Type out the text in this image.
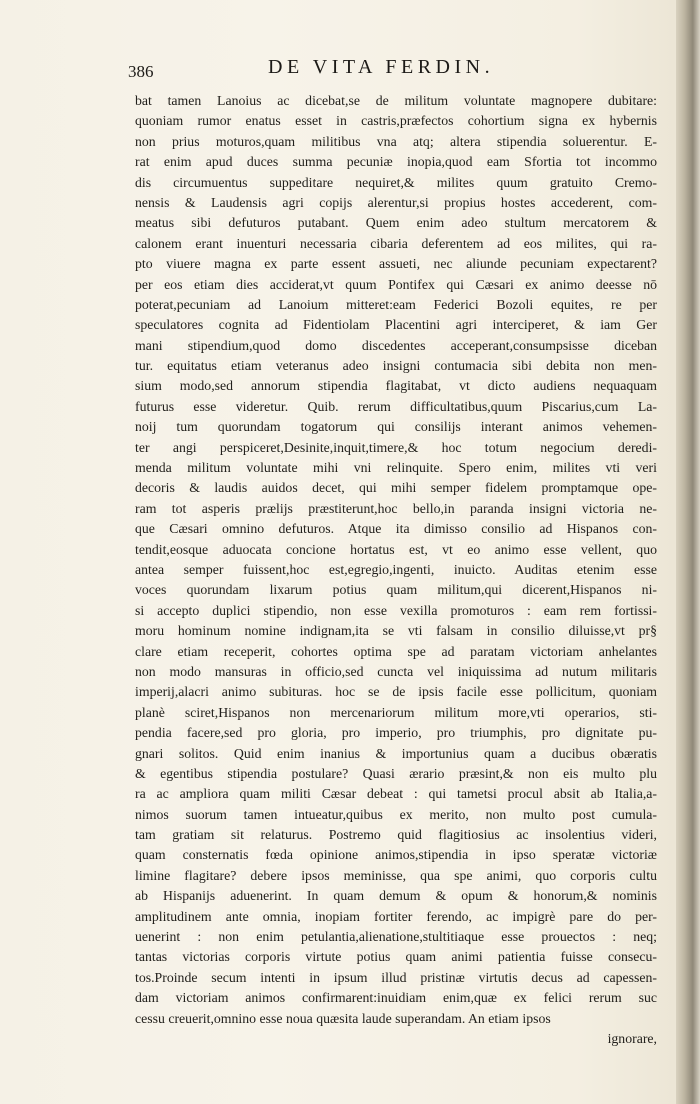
386	DE VITA FERDIN.
bat tamen Lanoius ac dicebat,se de militum voluntate magnopere dubitare:
quoniam rumor enatus esset in castris,præfectos cohortium signa ex hybernis
non prius moturos,quam militibus vna atq; altera stipendia soluerentur. E-
rat enim apud duces summa pecuniæ inopia,quod eam Sfortia tot incommo
dis circumuentus suppeditare nequiret,& milites quum gratuito Cremo-
nensis & Laudensis agri copijs alerentur,si propius hostes accederent, com-
meatus sibi defuturos putabant. Quem enim adeo stultum mercatorem &
calonem erant inuenturi necessaria cibaria deferentem ad eos milites, qui ra-
pto viuere magna ex parte essent assueti, nec aliunde pecuniam expectarent?
per eos etiam dies acciderat,vt quum Pontifex qui Cæsari ex animo deesse nō
poterat,pecuniam ad Lanoium mitteret:eam Federici Bozoli equites, re per
speculatores cognita ad Fidentiolam Placentini agri interciperet, & iam Ger
mani stipendium,quod domo discedentes acceperant,consumpsisse diceban
tur. equitatus etiam veteranus adeo insigni contumacia sibi debita non men-
sium modo,sed annorum stipendia flagitabat, vt dicto audiens nequaquam
futurus esse videretur. Quib. rerum difficultatibus,quum Piscarius,cum La-
noij tum quorundam togatorum qui consilijs interant animos vehemen-
ter angi perspiceret,Desinite,inquit,timere,& hoc totum negocium deredi-
menda militum voluntate mihi vni relinquite. Spero enim, milites vti veri
decoris & laudis auidos decet, qui mihi semper fidelem promptamque ope-
ram tot asperis prælijs præstiterunt,hoc bello,in paranda insigni victoria ne-
que Cæsari omnino defuturos. Atque ita dimisso consilio ad Hispanos con-
tendit,eosque aduocata concione hortatus est, vt eo animo esse vellent, quo
antea semper fuissent,hoc est,egregio,ingenti, inuicto. Auditas etenim esse
voces quorundam lixarum potius quam militum,qui dicerent,Hispanos ni-
si accepto duplici stipendio, non esse vexilla promoturos : eam rem fortissi-
moru hominum nomine indignam,ita se vti falsam in consilio diluisse,vt pr§
clare etiam receperit, cohortes optima spe ad paratam victoriam anhelantes
non modo mansuras in officio,sed cuncta vel iniquissima ad nutum militaris
imperij,alacri animo subituras. hoc se de ipsis facile esse pollicitum, quoniam
planè sciret,Hispanos non mercenariorum militum more,vti operarios, sti-
pendia facere,sed pro gloria, pro imperio, pro triumphis, pro dignitate pu-
gnari solitos. Quid enim inanius & importunius quam a ducibus obæratis
& egentibus stipendia postulare? Quasi ærario præsint,& non eis multo plu
ra ac ampliora quam militi Cæsar debeat : qui tametsi procul absit ab Italia,a-
nimos suorum tamen intueatur,quibus ex merito, non multo post cumula-
tam gratiam sit relaturus. Postremo quid flagitiosius ac insolentius videri,
quam consternatis fœda opinione animos,stipendia in ipso speratæ victoriæ
limine flagitare? debere ipsos meminisse, qua spe animi, quo corporis cultu
ab Hispanijs aduenerint. In quam demum & opum & honorum,& nominis
amplitudinem ante omnia, inopiam fortiter ferendo, ac impigrè pare do per-
uenerint : non enim petulantia,alienatione,stultitiaque esse prouectos : neq;
tantas victorias corporis virtute potius quam animi patientia fuisse consecu-
tos.Proinde secum intenti in ipsum illud pristinæ virtutis decus ad capessen-
dam victoriam animos confirmarent:inuidiam enim,quæ ex felici rerum suc
cessu creuerit,omnino esse noua quæsita laude superandam. An etiam ipsos
ignorare,
